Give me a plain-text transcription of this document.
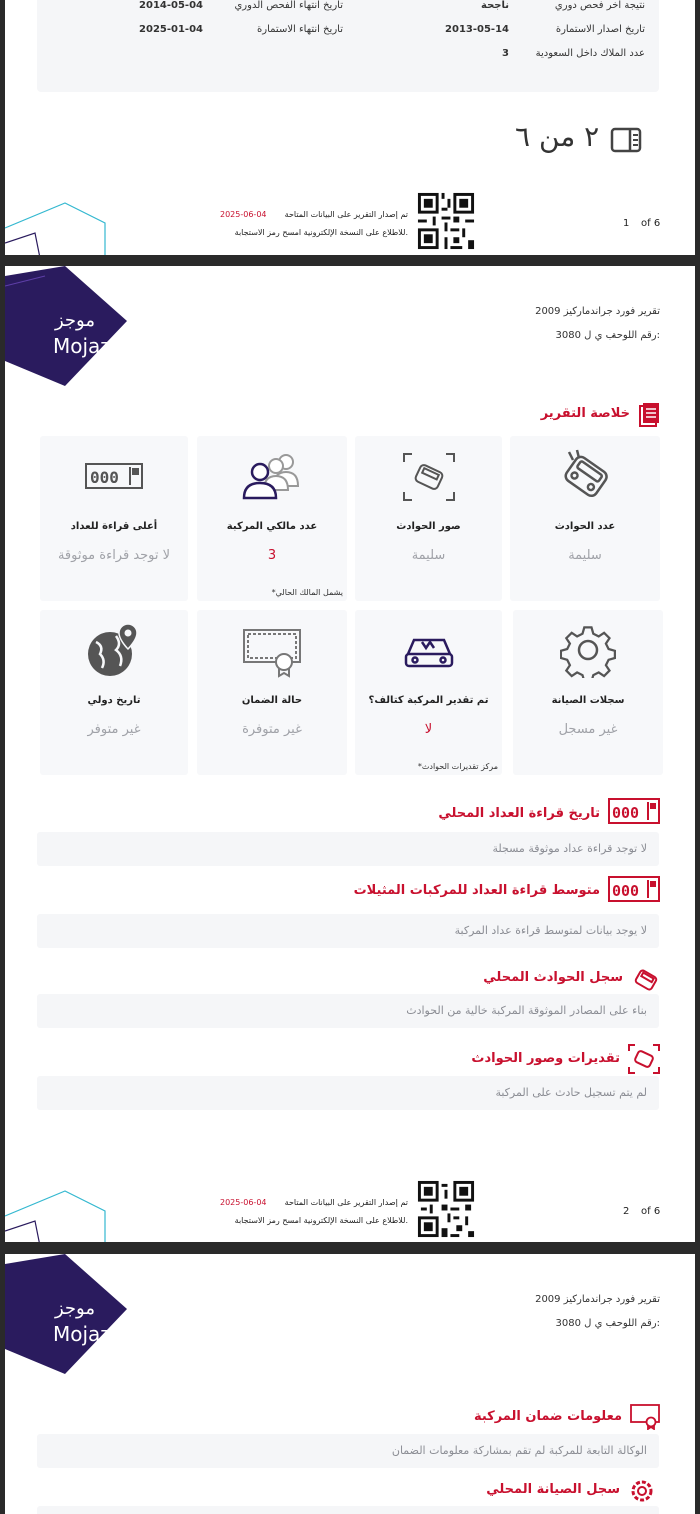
نتيجة آخر فحص دوري
ناجحة
تاريخ انتهاء الفحص الدوري
2014-05-04
تاريخ اصدار الاستمارة
2013-05-14
تاريخ انتهاء الاستمارة
2025-01-04
عدد الملاك داخل السعودية
3
٢ من ٦
تم إصدار التقرير على البيانات المتاحة
2025-06-04
للاطلاع على النسخة الإلكترونية امسح رمز الاستجابة.
1 of 6
موجز
Mojaz
تقرير فورد جراندماركيز 2009
رقم اللوحة:
ب ي ل 3080
خلاصة التقرير
عدد الحوادث
سليمة
صور الحوادث
سليمة
عدد مالكي المركبة
3
*يشمل المالك الحالي
000
أعلى قراءة للعداد
لا توجد قراءة موثوقة
سجلات الصيانة
غير مسجل
تم تقدير المركبة كتالف؟
لا
*مركز تقديرات الحوادث
حالة الضمان
غير متوفرة
تاريخ دولي
غير متوفر
000
تاريخ قراءة العداد المحلي
لا توجد قراءة عداد موثوقة مسجلة
000
متوسط قراءة العداد للمركبات المثيلات
لا يوجد بيانات لمتوسط قراءة عداد المركبة
سجل الحوادث المحلي
بناء على المصادر الموثوقة المركبة خالية من الحوادث
تقديرات وصور الحوادث
لم يتم تسجيل حادث على المركبة
تم إصدار التقرير على البيانات المتاحة
2025-06-04
للاطلاع على النسخة الإلكترونية امسح رمز الاستجابة.
2 of 6
موجز
Mojaz
تقرير فورد جراندماركيز 2009
رقم اللوحة:
ب ي ل 3080
معلومات ضمان المركبة
الوكالة التابعة للمركبة لم تقم بمشاركة معلومات الضمان
سجل الصيانة المحلي
